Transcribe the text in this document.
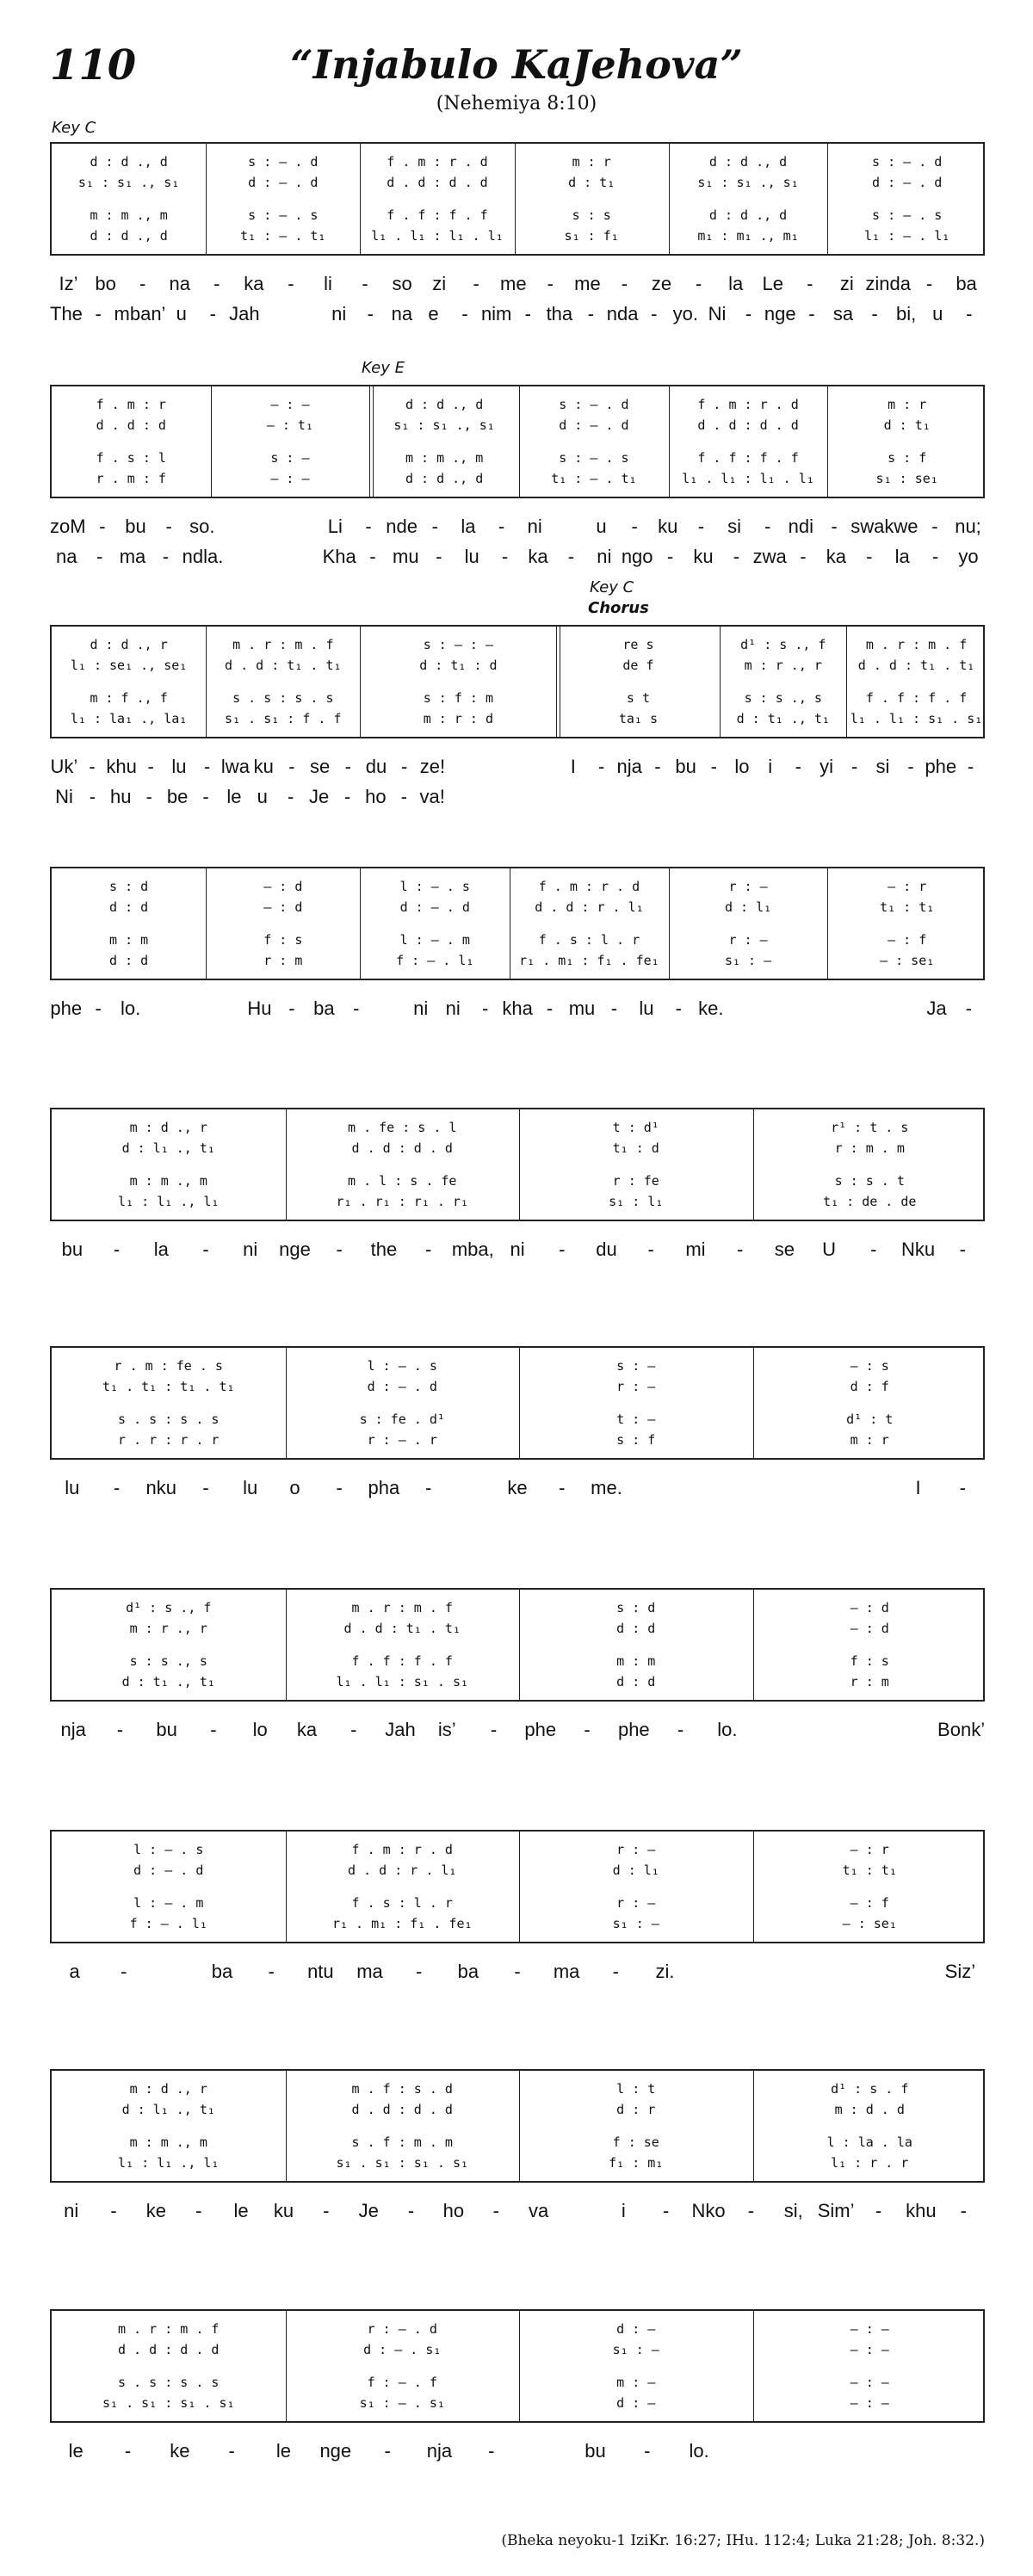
110	“Injabulo KaJehova”
(Nehemiya 8:10)
Key C
Key E
Key C
Chorus
d : d ., d	s : – . d	f . m : r . d	m : r	d : d ., d	s : – . d
s₁ : s₁ ., s₁	d : – . d	d . d : d . d	d : t₁	s₁ : s₁ ., s₁	d : – . d
m : m ., m	s : – . s	f . f : f . f	s : s	d : d ., d	s : – . s
d : d ., d	t₁ : – . t₁	l₁ . l₁ : l₁ . l₁	s₁ : f₁	m₁ : m₁ ., m₁	l₁ : – . l₁
Iz’ bo	-	na	-	ka	-	li	-	so	zi	-	me	-	me	-	ze	-	la	Le	-	zi zinda -	ba
The - mban’ u	- Jah	ni	- na e	- nim - tha - nda - yo. Ni	- nge - sa - bi, u	-
f . m : r	— : —	d : d ., d	s : – . d	f . m : r . d	m : r
d . d : d	— : t₁	s₁ : s₁ ., s₁	d : – . d	d . d : d . d	d : t₁
f . s : l	s : —	m : m ., m	s : – . s	f . f : f . f	s : f
r . m : f	— : —	d : d ., d	t₁ : – . t₁	l₁ . l₁ : l₁ . l₁	s₁ : se₁
zoM -	bu	- so.	Li	- nde -	la	-	ni	u	-	ku	-	si	- ndi - swa kwe - nu;
na	- ma - ndla.	Kha - mu -	lu	-	ka	-	ni ngo -	ku	- zwa -	ka	-	la	-	yo
d : d ., r	m . r : m . f	s : — : —	re s	d¹ : s ., f	m . r : m . f
l₁ : se₁ ., se₁	d . d : t₁ . t₁	d : t₁ : d	de f	m : r ., r	d . d : t₁ . t₁
m : f ., f	s . s : s . s	s : f : m	s t	s : s ., s	f . f : f . f
l₁ : la₁ ., la₁	s₁ . s₁ : f . f	m : r : d	ta₁ s	d : t₁ ., t₁	l₁ . l₁ : s₁ . s₁
Uk’ - khu - lu - lwa ku - se - du - ze!	I	- nja - bu - lo i	- yi - si - phe -
Ni - hu - be - le u	- Je - ho - va!
s : d	— : d	l : – . s	f . m : r . d	r : —	— : r
d : d	— : d	d : – . d	d . d : r . l₁	d : l₁	t₁ : t₁
m : m	f : s	l : – . m	f . s : l . r	r : —	— : f
d : d	r : m	f : – . l₁	r₁ . m₁ : f₁ . fe₁	s₁ : —	— : se₁
phe -	lo.	Hu - ba -	ni ni	- kha - mu -	lu	- ke.	Ja	-
m : d ., r	m . fe : s . l	t : d¹	r¹ : t . s
d : l₁ ., t₁	d . d : d . d	t₁ : d	r : m . m
m : m ., m	m . l : s . fe	r : fe	s : s . t
l₁ : l₁ ., l₁	r₁ . r₁ : r₁ . r₁	s₁ : l₁	t₁ : de . de
bu	-	la	-	ni	nge	-	the	-	mba, ni	-	du	-	mi	-	se	U	-	Nku	-
r . m : fe . s	l : – . s	s : —	— : s
t₁ . t₁ : t₁ . t₁	d : – . d	r : —	d : f
s . s : s . s	s : fe . d¹	t : —	d¹ : t
r . r : r . r	r : – . r	s : f	m : r
lu	-	nku	-	lu	o	-	pha	-	ke	-	me.	I	-
d¹ : s ., f	m . r : m . f	s : d	— : d
m : r ., r	d . d : t₁ . t₁	d : d	— : d
s : s ., s	f . f : f . f	m : m	f : s
d : t₁ ., t₁	l₁ . l₁ : s₁ . s₁	d : d	r : m
nja	-	bu	-	lo	ka	-	Jah	is’	-	phe	-	phe	-	lo.	Bonk’
l : – . s	f . m : r . d	r : —	— : r
d : – . d	d . d : r . l₁	d : l₁	t₁ : t₁
l : – . m	f . s : l . r	r : —	— : f
f : – . l₁	r₁ . m₁ : f₁ . fe₁	s₁ : —	— : se₁
a	-	ba	-	ntu	ma	-	ba	-	ma	-	zi.	Siz’
m : d ., r	m . f : s . d	l : t	d¹ : s . f
d : l₁ ., t₁	d . d : d . d	d : r	m : d . d
m : m ., m	s . f : m . m	f : se	l : la . la
l₁ : l₁ ., l₁	s₁ . s₁ : s₁ . s₁	f₁ : m₁	l₁ : r . r
ni	-	ke	-	le	ku	-	Je	-	ho	-	va	i	-	Nko	-	si, Sim’	-	khu	-
m . r : m . f	r : – . d	d : —	— : —
d . d : d . d	d : – . s₁	s₁ : —	— : —
s . s : s . s	f : – . f	m : —	— : —
s₁ . s₁ : s₁ . s₁	s₁ : – . s₁	d : —	— : —
le	-	ke	-	le	nge	-	nja	-	bu	-	lo.
(Bheka neyoku-1 IziKr. 16:27; IHu. 112:4; Luka 21:28; Joh. 8:32.)
